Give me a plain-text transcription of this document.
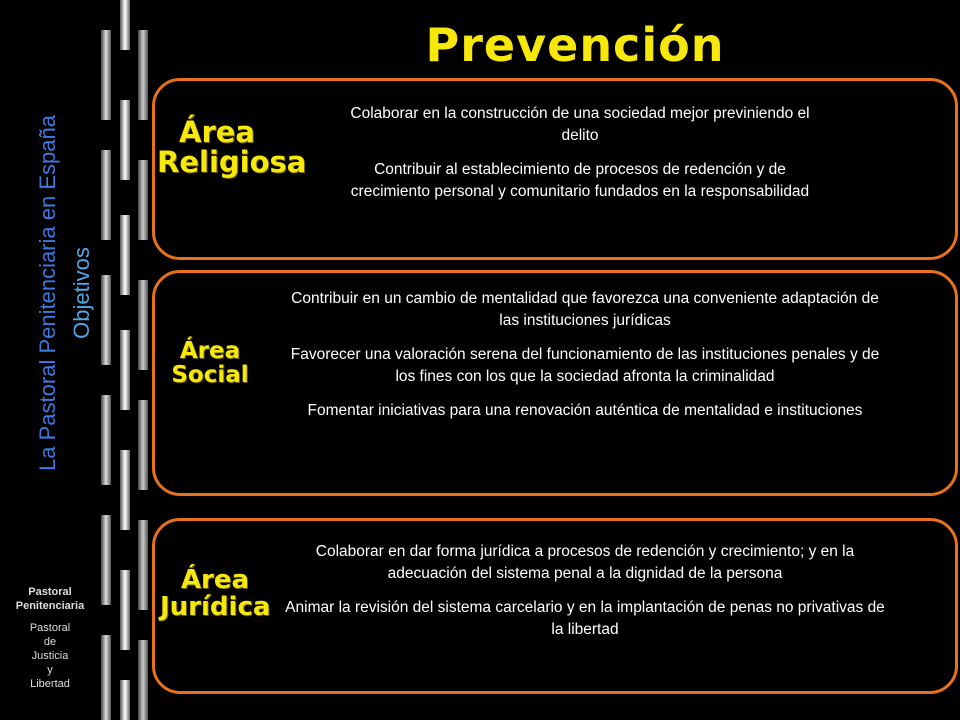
La Pastoral Penitenciaria en España Objetivos
Pastoral
Penitenciaria
Pastoral
de
Justicia
y
Libertad
Prevención
Área
Religiosa

Colaborar en la construcción de una sociedad mejor previniendo el delito

Contribuir al establecimiento de procesos de redención y de crecimiento personal y comunitario fundados en la responsabilidad

Área
Social

Contribuir en un cambio de mentalidad que favorezca una conveniente adaptación de las instituciones jurídicas

Favorecer una valoración serena del funcionamiento de las instituciones penales y de los fines con los que la sociedad afronta la criminalidad

Fomentar iniciativas para una renovación auténtica de mentalidad e instituciones

Área
Jurídica

Colaborar en dar forma jurídica a procesos de redención y crecimiento; y en la adecuación del sistema penal a la dignidad de la persona

Animar la revisión del sistema carcelario y en la implantación de penas no privativas de la libertad
